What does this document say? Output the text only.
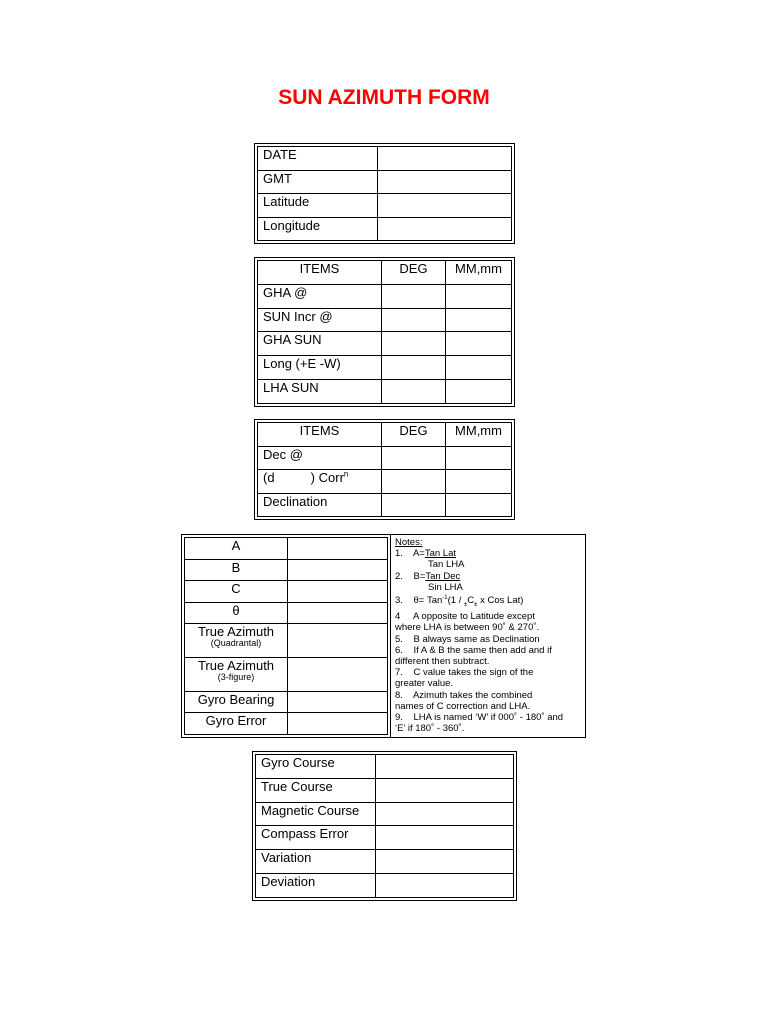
SUN AZIMUTH FORM
DATE	
GMT	
Latitude	
Longitude	
ITEMS	DEG	MM,mm
GHA @		
SUN Incr @		
GHA SUN		
Long (+E -W)		
LHA SUN		
ITEMS	DEG	MM,mm
Dec @		
(d          ) Corr$^n$		
Declination		
A	
B	
C	
θ	
True Azimuth
(Quadrantal)	

True Azimuth
(3-figure)	

Gyro Bearing	
Gyro Error	
Notes:
1.    A=Tan Lat
Tan LHA
2.    B=Tan Dec
Sin LHA
3.    $\theta= Tan^{-1}(1 / _\pm C_\pm$ x Cos Lat)
4     A opposite to Latitude except
where LHA is between 90˚ & 270˚.
5.    B always same as Declination
6.    If A & B the same then add and if
different then subtract.
7.    C value takes the sign of the
greater value.
8.    Azimuth takes the combined
names of C correction and LHA.
9.    LHA is named ‘W’ if 000˚ - 180˚ and
‘E’ if 180˚ - 360˚.
Gyro Course	
True Course	
Magnetic Course	
Compass Error	
Variation	
Deviation	
